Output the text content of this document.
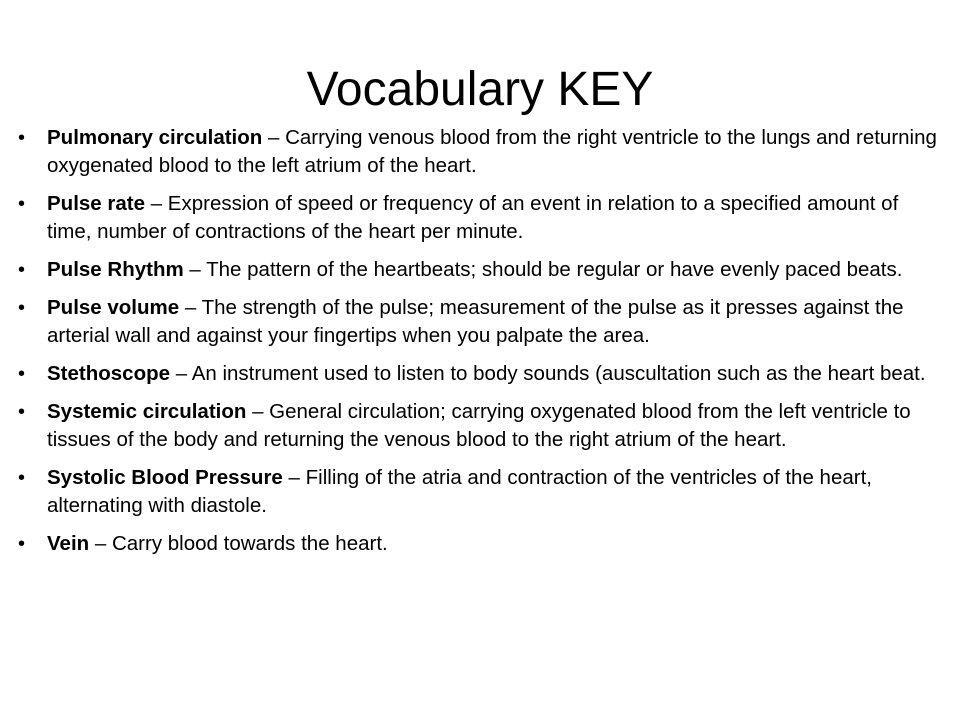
Vocabulary KEY
• Pulmonary circulation – Carrying venous blood from the right ventricle to the lungs and returning oxygenated blood to the left atrium of the heart.
• Pulse rate – Expression of speed or frequency of an event in relation to a specified amount of time, number of contractions of the heart per minute.
• Pulse Rhythm – The pattern of the heartbeats; should be regular or have evenly paced beats.
• Pulse volume – The strength of the pulse; measurement of the pulse as it presses against the arterial wall and against your fingertips when you palpate the area.
• Stethoscope – An instrument used to listen to body sounds (auscultation such as the heart beat.
• Systemic circulation – General circulation; carrying oxygenated blood from the left ventricle to tissues of the body and returning the venous blood to the right atrium of the heart.
• Systolic Blood Pressure – Filling of the atria and contraction of the ventricles of the heart, alternating with diastole.
• Vein – Carry blood towards the heart.
